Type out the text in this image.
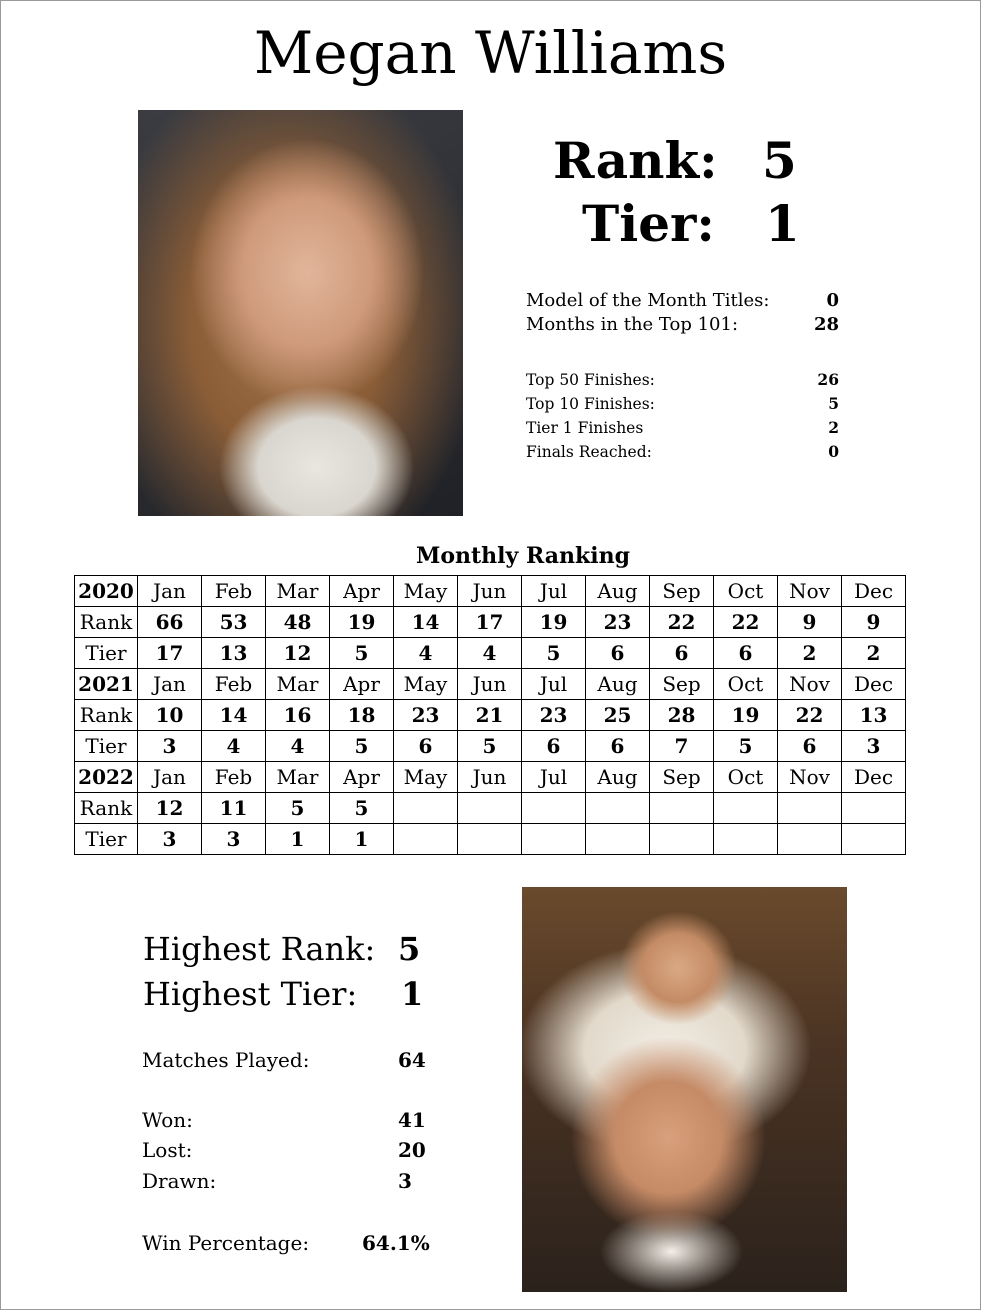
Megan Williams
Rank: 5
Tier: 1
Model of the Month Titles:	0
Months in the Top 101:	28
Top 50 Finishes:	26
Top 10 Finishes:	5
Tier 1 Finishes	2
Finals Reached:	0
Monthly Ranking
2020	Jan	Feb	Mar	Apr	May	Jun	Jul	Aug	Sep	Oct	Nov	Dec
Rank	66	53	48	19	14	17	19	23	22	22	9	9
Tier	17	13	12	5	4	4	5	6	6	6	2	2
2021	Jan	Feb	Mar	Apr	May	Jun	Jul	Aug	Sep	Oct	Nov	Dec
Rank	10	14	16	18	23	21	23	25	28	19	22	13
Tier	3	4	4	5	6	5	6	6	7	5	6	3
2022	Jan	Feb	Mar	Apr	May	Jun	Jul	Aug	Sep	Oct	Nov	Dec
Rank	12	11	5	5								
Tier	3	3	1	1								
Highest Rank: 5
Highest Tier: 1
Matches Played:	64
Won:	41
Lost:	20
Drawn:	3
Win Percentage:	64.1%
